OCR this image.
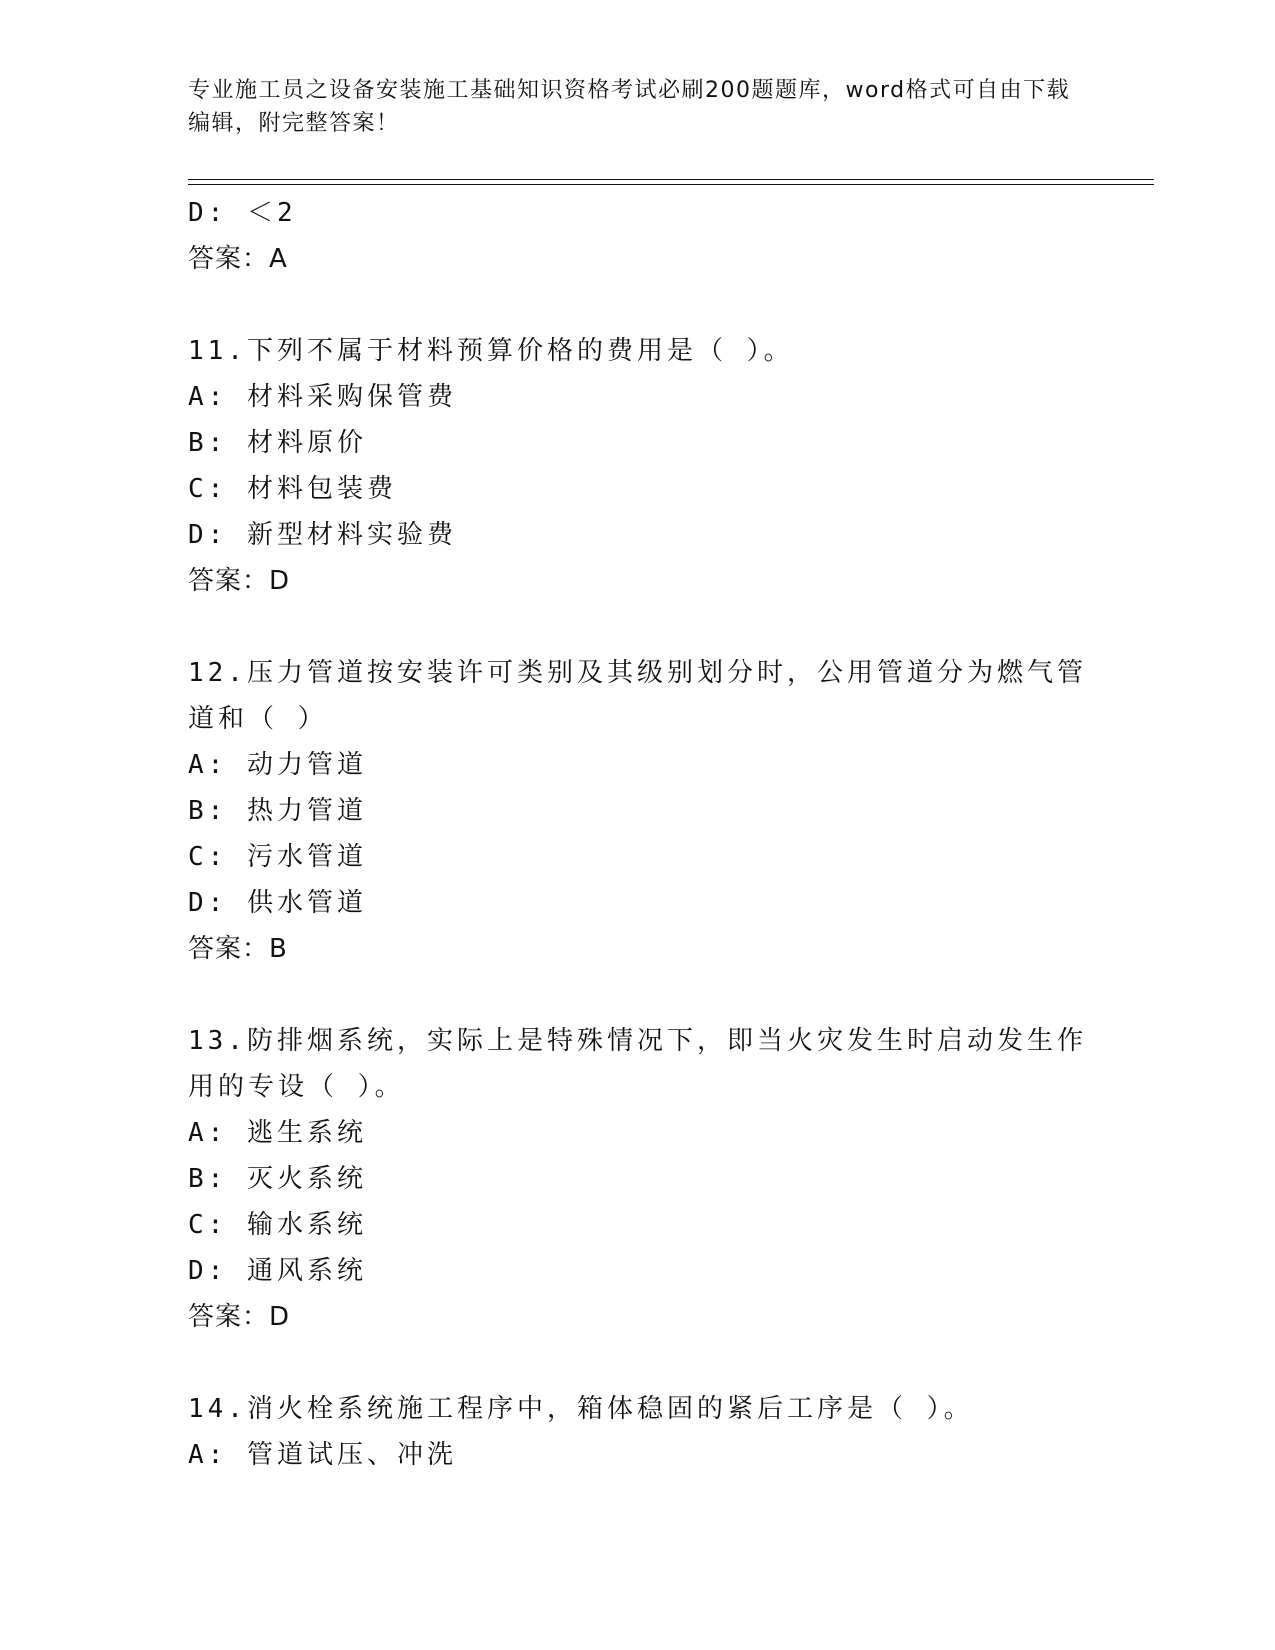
专业施工员之设备安装施工基础知识资格考试必刷200题题库，word格式可自由下载编辑，附完整答案！
D: ＜2
答案：A
11.下列不属于材料预算价格的费用是（ ）。
A: 材料采购保管费
B: 材料原价
C: 材料包装费
D: 新型材料实验费
答案：D
12.压力管道按安装许可类别及其级别划分时，公用管道分为燃气管道和（ ）
A: 动力管道
B: 热力管道
C: 污水管道
D: 供水管道
答案：B
13.防排烟系统，实际上是特殊情况下，即当火灾发生时启动发生作用的专设（ ）。
A: 逃生系统
B: 灭火系统
C: 输水系统
D: 通风系统
答案：D
14.消火栓系统施工程序中，箱体稳固的紧后工序是（ ）。
A: 管道试压、冲洗
